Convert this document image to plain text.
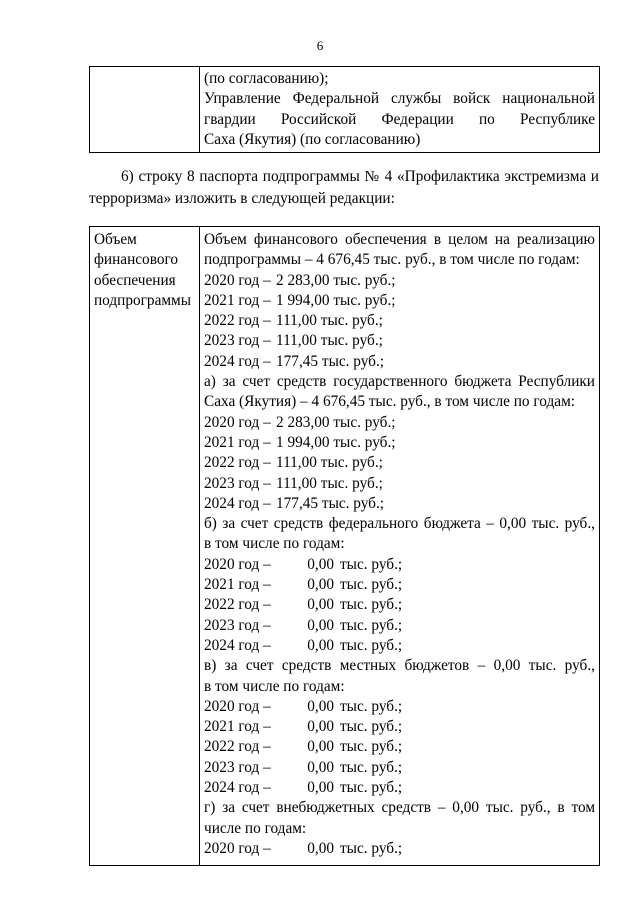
6

(по согласованию);
Управление Федеральной службы войск национальной
гвардии Российской Федерации по Республике
Саха (Якутия) (по согласованию)
6) строку 8 паспорта подпрограммы № 4 «Профилактика экстремизма и терроризма» изложить в следующей редакции:
Объем
финансового
обеспечения
подпрограммы

Объем финансового обеспечения в целом на реализацию
подпрограммы – 4 676,45 тыс. руб., в том числе по годам:
2020 год – 2 283,00 тыс. руб.;
2021 год – 1 994,00 тыс. руб.;
2022 год – 111,00 тыс. руб.;
2023 год – 111,00 тыс. руб.;
2024 год – 177,45 тыс. руб.;
а) за счет средств государственного бюджета Республики
Саха (Якутия) – 4 676,45 тыс. руб., в том числе по годам:
2020 год – 2 283,00 тыс. руб.;
2021 год – 1 994,00 тыс. руб.;
2022 год – 111,00 тыс. руб.;
2023 год – 111,00 тыс. руб.;
2024 год – 177,45 тыс. руб.;
б) за счет средств федерального бюджета – 0,00 тыс. руб.,
в том числе по годам:
2020 год –	0,00 тыс. руб.;
2021 год –	0,00 тыс. руб.;
2022 год –	0,00 тыс. руб.;
2023 год –	0,00 тыс. руб.;
2024 год –	0,00 тыс. руб.;
в) за счет средств местных бюджетов – 0,00 тыс. руб.,
в том числе по годам:
2020 год –	0,00 тыс. руб.;
2021 год –	0,00 тыс. руб.;
2022 год –	0,00 тыс. руб.;
2023 год –	0,00 тыс. руб.;
2024 год –	0,00 тыс. руб.;
г) за счет внебюджетных средств – 0,00 тыс. руб., в том
числе по годам:
2020 год –	0,00 тыс. руб.;
